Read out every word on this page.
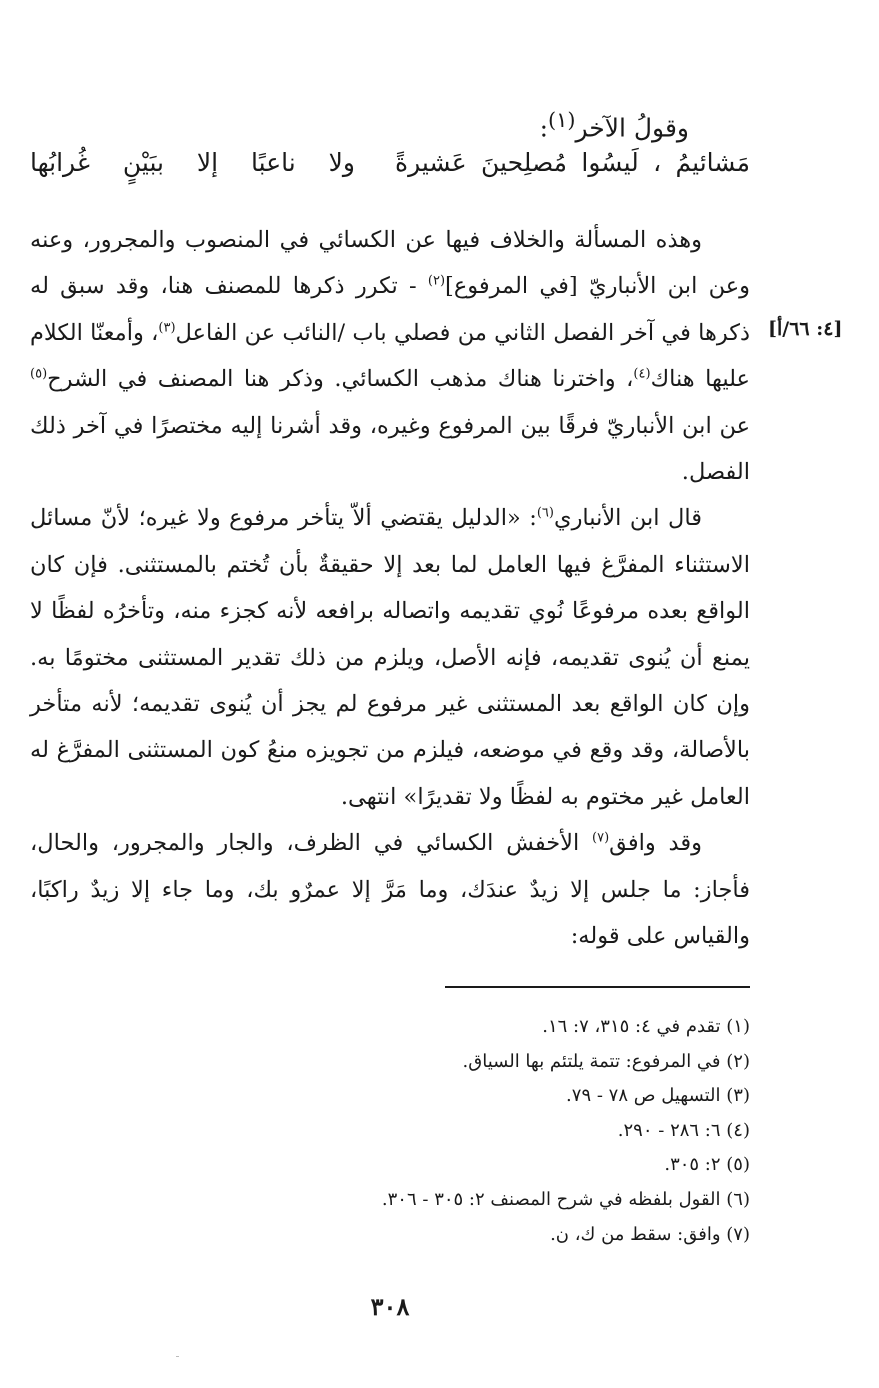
وقولُ الآخر$^{(١)}$:
مَشائيمُ ، لَيسُوا مُصلِحينَ عَشيرةً
ولا ناعبًا إلا ببَيْنٍ غُرابُها
[٤: ٦٦/أ]

وهذه المسألة والخلاف فيها عن الكسائي في المنصوب والمجرور، وعنه وعن ابن الأنباريّ [في المرفوع]$^{(٢)}$ - تكرر ذكرها للمصنف هنا، وقد سبق له ذكرها في آخر الفصل الثاني من فصلي باب /النائب عن الفاعل$^{(٣)}$، وأمعنّا الكلام عليها هناك$^{(٤)}$، واخترنا هناك مذهب الكسائي. وذكر هنا المصنف في الشرح$^{(٥)}$ عن ابن الأنباريّ فرقًا بين المرفوع وغيره، وقد أشرنا إليه مختصرًا في آخر ذلك الفصل.

قال ابن الأنباري$^{(٦)}$: «الدليل يقتضي ألاّ يتأخر مرفوع ولا غيره؛ لأنّ مسائل الاستثناء المفرَّغ فيها العامل لما بعد إلا حقيقةٌ بأن تُختم بالمستثنى. فإن كان الواقع بعده مرفوعًا نُوي تقديمه واتصاله برافعه لأنه كجزء منه، وتأخرُه لفظًا لا يمنع أن يُنوى تقديمه، فإنه الأصل، ويلزم من ذلك تقدير المستثنى مختومًا به. وإن كان الواقع بعد المستثنى غير مرفوع لم يجز أن يُنوى تقديمه؛ لأنه متأخر بالأصالة، وقد وقع في موضعه، فيلزم من تجويزه منعُ كون المستثنى المفرَّغ له العامل غير مختوم به لفظًا ولا تقديرًا» انتهى.

وقد وافق$^{(٧)}$ الأخفش الكسائي في الظرف، والجار والمجرور، والحال، فأجاز: ما جلس إلا زيدٌ عندَك، وما مَرَّ إلا عمرٌو بك، وما جاء إلا زيدٌ راكبًا، والقياس على قوله:

(١) تقدم في ٤: ٣١٥، ٧: ١٦.
(٢) في المرفوع: تتمة يلتئم بها السياق.
(٣) التسهيل ص ٧٨ - ٧٩.
(٤) ٦: ٢٨٦ - ٢٩٠.
(٥) ٢: ٣٠٥.
(٦) القول بلفظه في شرح المصنف ٢: ٣٠٥ - ٣٠٦.
(٧) وافق: سقط من ك، ن.
٣٠٨
